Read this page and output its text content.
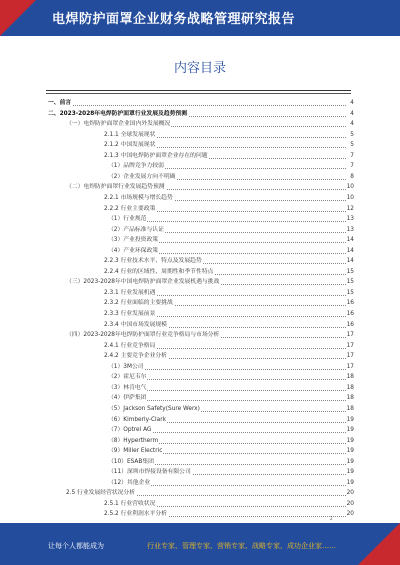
电焊防护面罩企业财务战略管理研究报告
内容目录
一、前言	4
二、2023-2028年电焊防护面罩行业发展及趋势预测	4
（一）电焊防护面罩企业国内外发展概况	4
2.1.1 全球发展现状	5
2.1.2 中国发展现状	5
2.1.3 中国电焊防护面罩企业存在的问题	7
（1）品牌竞争力较弱	7
（2）企业发展方向不明确	8
（二）电焊防护面罩行业发展趋势预测	10
2.2.1 市场规模与增长趋势	10
2.2.2 行业主要政策	12
（1）行业规范	13
（2）产品标准与认证	13
（3）产业投资政策	14
（4）产业环保政策	14
2.2.3 行业技术水平、特点及发展趋势	14
2.2.4 行业的区域性、周期性和季节性特点	15
（三）2023-2028年中国电焊防护面罩企业发展机遇与挑战	15
2.3.1 行业发展机遇	15
2.3.2 行业面临的主要挑战	16
2.3.3 行业发展前景	16
2.3.4 中国市场发展规模	16
（四）2023-2028年电焊防护面罩行业竞争格局与市场分析	17
2.4.1 行业竞争格局	17
2.4.2 主要竞争企业分析	17
（1）3M公司	17
（2）霍尼韦尔	18
（3）林肯电气	18
（4）伊萨集团	18
（5）Jackson Safety(Sure Werx)	18
（6）Kimberly-Clark	19
（7）Optrel AG	19
（8）Hypertherm	19
（9）Miller Electric	19
（10）ESAB集团	19
（11）深圳市焊接设备有限公司	19
（12）其他企业	19
2.5 行业发展经营状况分析	20
2.5.1 行业营收状况	20
2.5.2 行业利润水平分析	20
2
让每个人都能成为	行业专家、管理专家、营销专家、战略专家、成功企业家……
